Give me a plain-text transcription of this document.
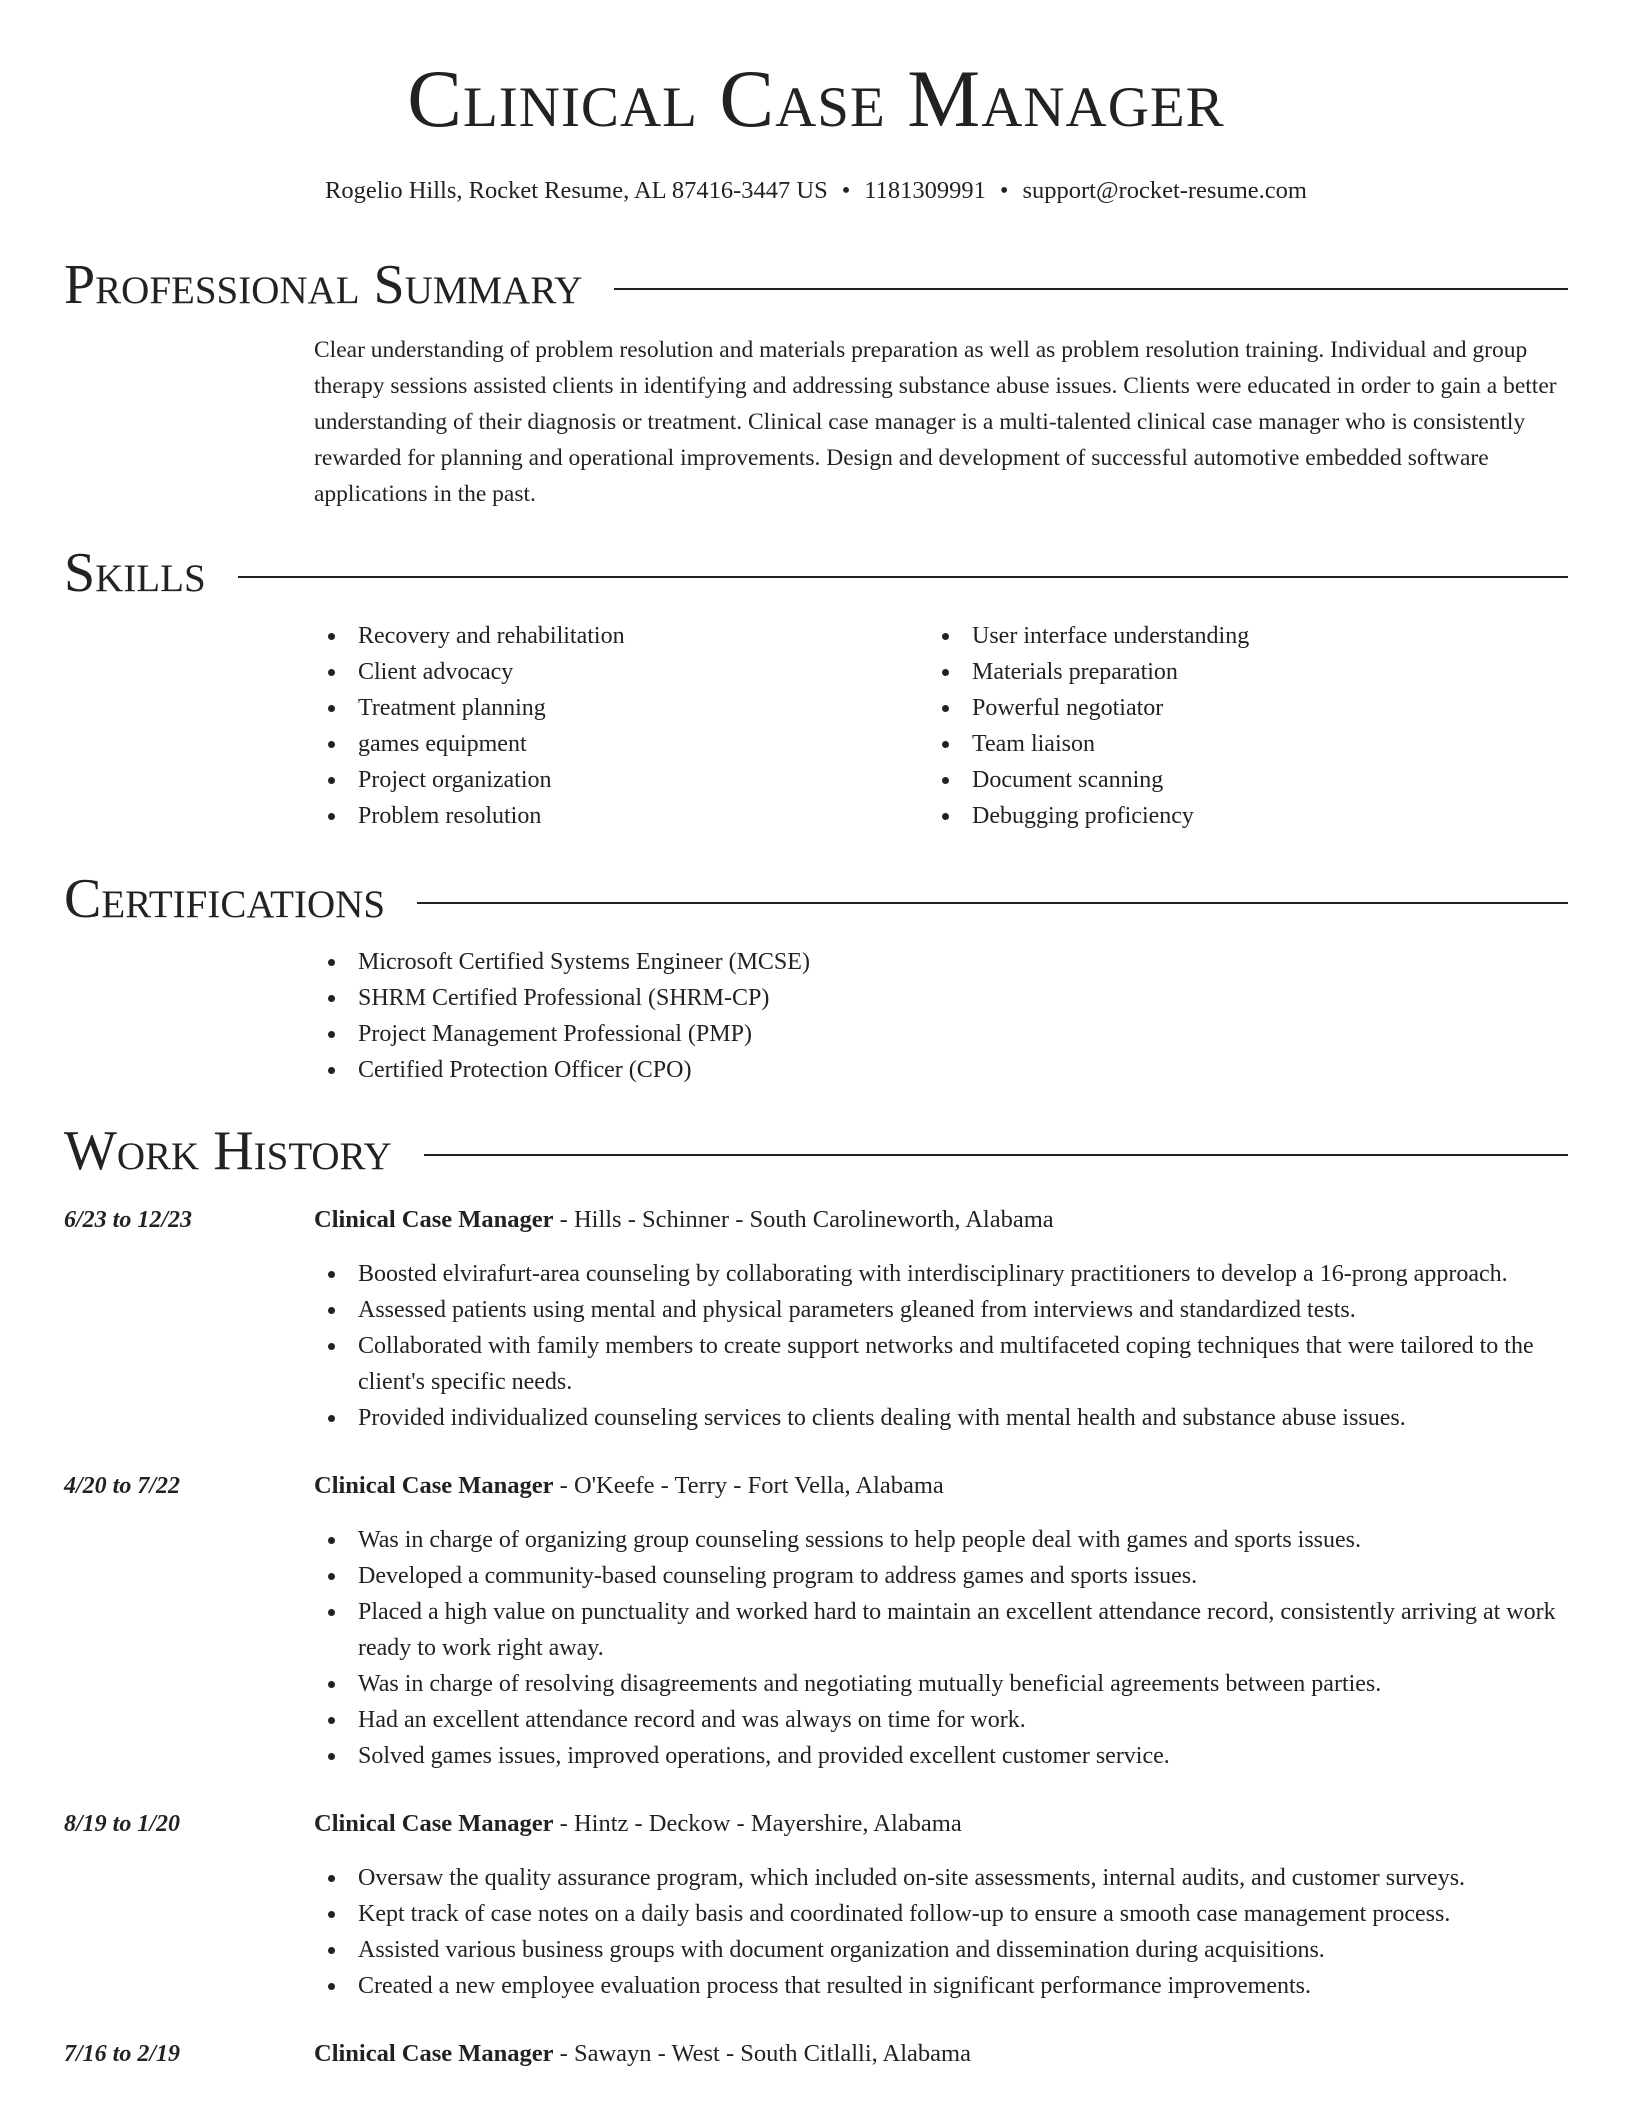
Clinical Case Manager
Rogelio Hills, Rocket Resume, AL 87416-3447 US • 1181309991 • support@rocket-resume.com
Professional Summary

Clear understanding of problem resolution and materials preparation as well as problem resolution training. Individual and group therapy sessions assisted clients in identifying and addressing substance abuse issues. Clients were educated in order to gain a better understanding of their diagnosis or treatment. Clinical case manager is a multi-talented clinical case manager who is consistently rewarded for planning and operational improvements. Design and development of successful automotive embedded software applications in the past.

Skills
Recovery and rehabilitation
Client advocacy
Treatment planning
games equipment
Project organization
Problem resolution
User interface understanding
Materials preparation
Powerful negotiator
Team liaison
Document scanning
Debugging proficiency
Certifications
Microsoft Certified Systems Engineer (MCSE)
SHRM Certified Professional (SHRM-CP)
Project Management Professional (PMP)
Certified Protection Officer (CPO)
Work History
6/23 to 12/23	Clinical Case Manager - Hills - Schinner - South Carolineworth, Alabama
Boosted elvirafurt-area counseling by collaborating with interdisciplinary practitioners to develop a 16-prong approach.
Assessed patients using mental and physical parameters gleaned from interviews and standardized tests.
Collaborated with family members to create support networks and multifaceted coping techniques that were tailored to the client's specific needs.
Provided individualized counseling services to clients dealing with mental health and substance abuse issues.
4/20 to 7/22	Clinical Case Manager - O'Keefe - Terry - Fort Vella, Alabama
Was in charge of organizing group counseling sessions to help people deal with games and sports issues.
Developed a community-based counseling program to address games and sports issues.
Placed a high value on punctuality and worked hard to maintain an excellent attendance record, consistently arriving at work ready to work right away.
Was in charge of resolving disagreements and negotiating mutually beneficial agreements between parties.
Had an excellent attendance record and was always on time for work.
Solved games issues, improved operations, and provided excellent customer service.
8/19 to 1/20	Clinical Case Manager - Hintz - Deckow - Mayershire, Alabama
Oversaw the quality assurance program, which included on-site assessments, internal audits, and customer surveys.
Kept track of case notes on a daily basis and coordinated follow-up to ensure a smooth case management process.
Assisted various business groups with document organization and dissemination during acquisitions.
Created a new employee evaluation process that resulted in significant performance improvements.
7/16 to 2/19	Clinical Case Manager - Sawayn - West - South Citlalli, Alabama
